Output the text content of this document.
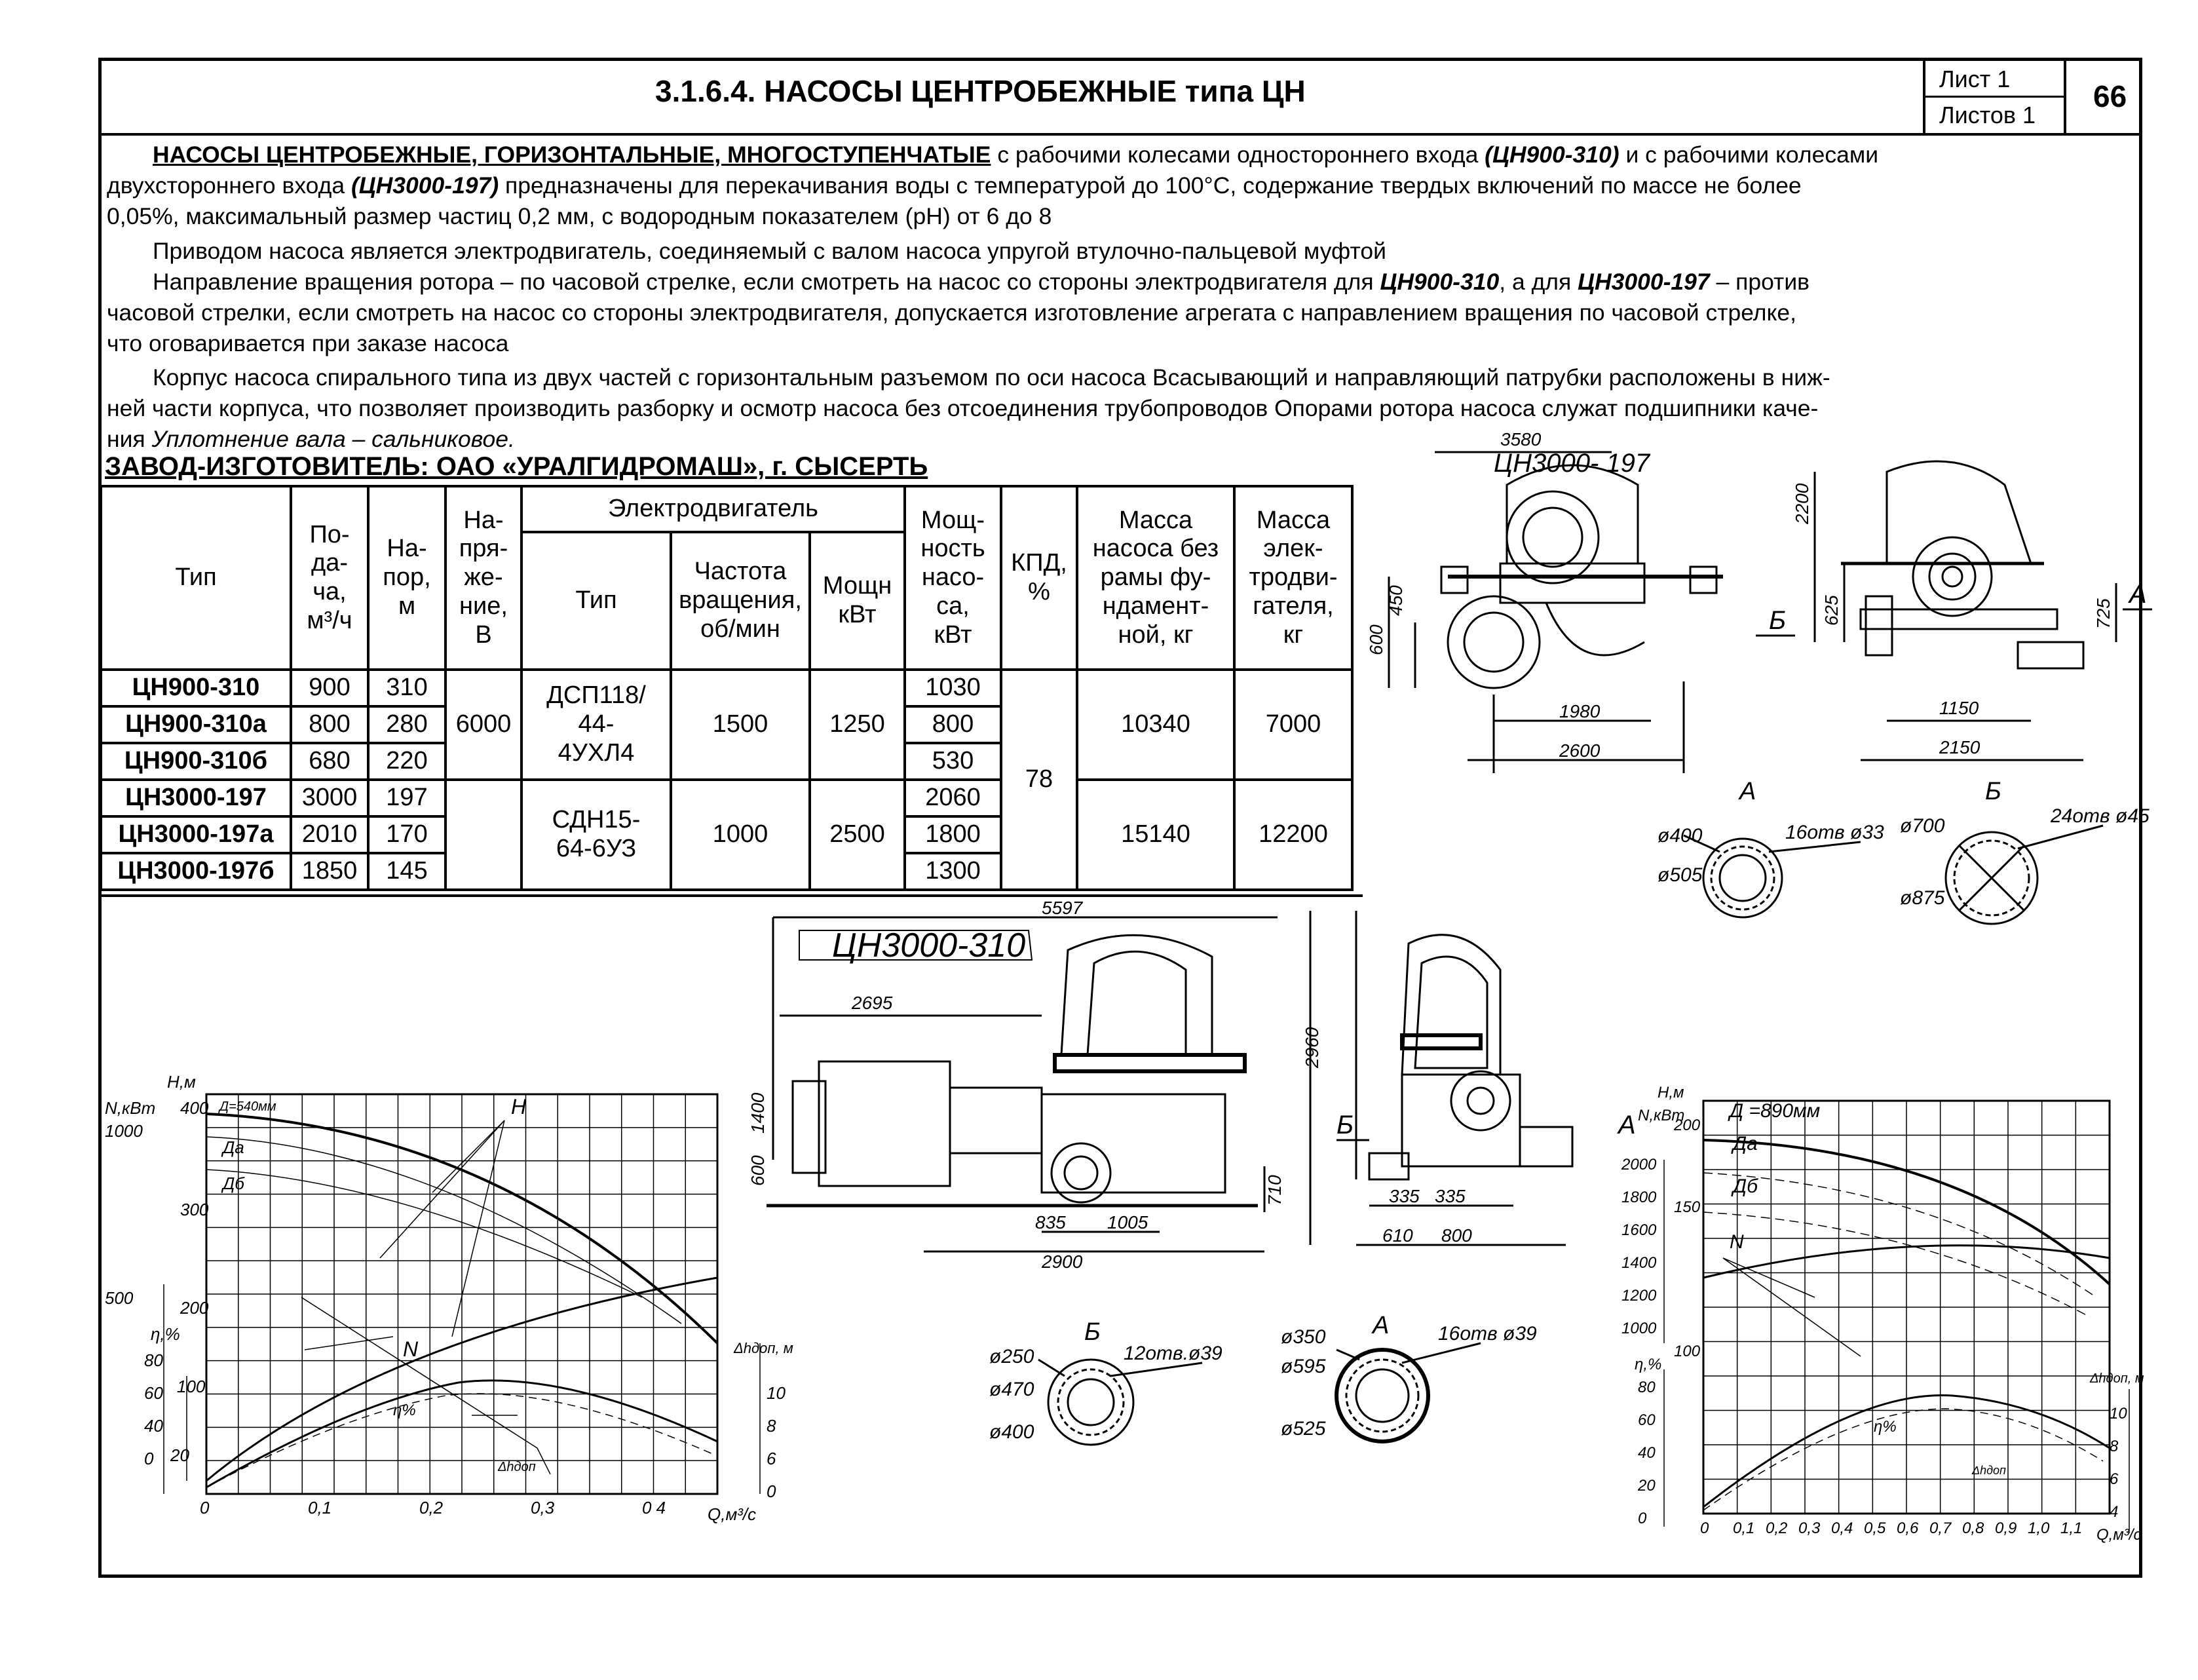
3.1.6.4. НАСОСЫ ЦЕНТРОБЕЖНЫЕ типа ЦН	Лист 1
Листов 1
66
НАСОСЫ ЦЕНТРОБЕЖНЫЕ, ГОРИЗОНТАЛЬНЫЕ, МНОГОСТУПЕНЧАТЫЕ с рабочими колесами одностороннего входа (ЦН900-310) и с рабочими колесами
двухстороннего входа (ЦН3000-197) предназначены для перекачивания воды с температурой до 100°С, содержание твердых включений по массе не более
0,05%, максимальный размер частиц 0,2 мм, с водородным показателем (рН) от 6 до 8
Приводом насоса является электродвигатель, соединяемый с валом насоса упругой втулочно-пальцевой муфтой
Направление вращения ротора – по часовой стрелке, если смотреть на насос со стороны электродвигателя для ЦН900-310, а для ЦН3000-197 – против
часовой стрелки, если смотреть на насос со стороны электродвигателя, допускается изготовление агрегата с направлением вращения по часовой стрелке,
что оговаривается при заказе насоса
Корпус насоса спирального типа из двух частей с горизонтальным разъемом по оси насоса Всасывающий и направляющий патрубки расположены в ниж-
ней части корпуса, что позволяет производить разборку и осмотр насоса без отсоединения трубопроводов Опорами ротора насоса служат подшипники каче-
ния Уплотнение вала – сальниковое.
ЗАВОД-ИЗГОТОВИТЕЛЬ: ОАО «УРАЛГИДРОМАШ», г. СЫСЕРТЬ
Тип	По-
да-
ча,
м³/ч	На-
пор,
м	На-
пря-
же-
ние,
В	Электродвигатель			Мощ-
ность
насо-
са,
кВт	КПД,
%	Масса
насоса без
рамы фу-
ндамент-
ной, кг	Масса
элек-
тродви-
гателя,
кг
				Тип	Частота
вращения,
об/мин	Мощн
кВт				
ЦН900-310	900	310	6000	ДСП118/
44-
4УХЛ4	1500	1250	1030	78	10340	7000
ЦН900-310а	800	280					800			
ЦН900-310б	680	220					530			
ЦН3000-197	3000	197		СДН15-
64-6УЗ	1000	2500	2060		15140	12200
ЦН3000-197а	2010	170					1800			
ЦН3000-197б	1850	145					1300			
3580
ЦН3000- 197
450
600
1980
2600
2200
625	725
1150
2150
Б
А
А
ø400
ø505
16отв ø33
Б
ø700
ø875
24отв ø45
5597
ЦН3000-310
2695
1400
600
710
835 1005
2900
2960
335 335
610 800
Б	А
Б
ø250
ø470
ø400
12отв.ø39
А
ø350
ø595
ø525
16отв ø39
Н,м
N,кВт
η,%
Δhдоп, м
Q,м³/с
Д=540мм
Да
Дб
Н
N
η%
Δhдоп
0	0,1	0,2	0,3	0 4
400
300
200
1000
500
80
60
40
20
0
100	10
8
6
0
Н,м
N,кВт
η,%
Δhдоп, м
Q,м³/с
Д =890мм
Да
Дб
N
η%
Δhдоп
0 0,1 0,2 0,3 0,4 0,5 0,6 0,7 0,8 0,9 1,0 1,1
200
150
100
2000
1800
1600
1400
1200
1000
80
60
40
20
0
10
8
6
4
